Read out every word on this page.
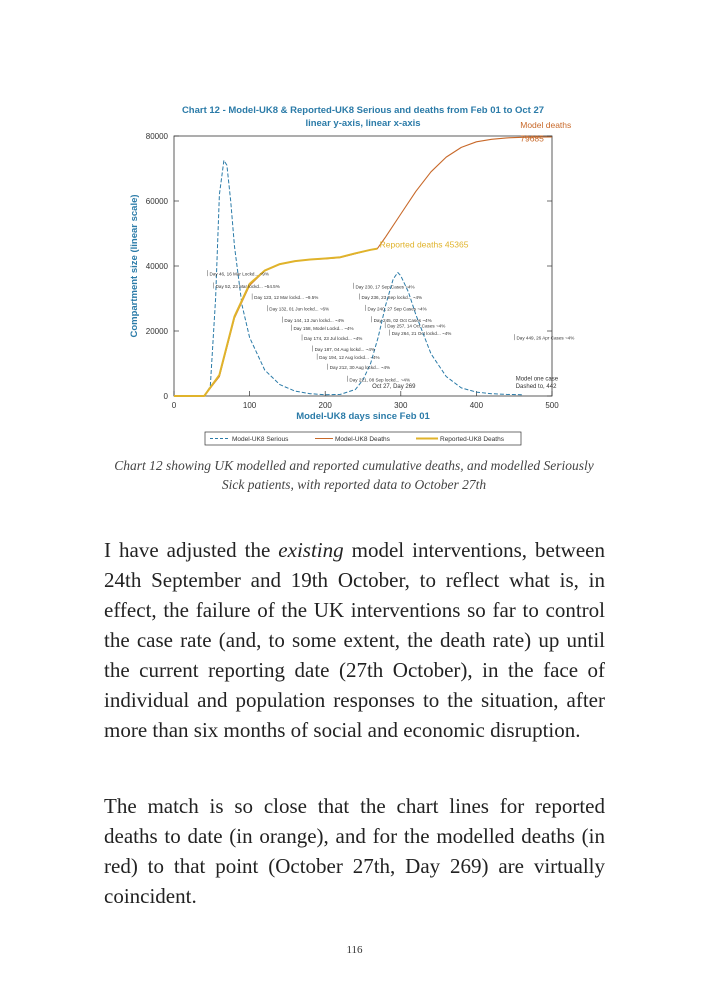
Chart 12 - Model-UK8 & Reported-UK8 Serious and deaths from Feb 01 to Oct 27
linear y-axis, linear x-axis
0
20000
40000
60000
80000
0	100	200	300	400	500
Model deaths
79685
Reported deaths 45365
Model one case
Dashed to, 442
Oct 27, Day 269
Day 46, 16 Mar Lockd... ~9%
Day 52, 23 Mar lockd... ~54.5%
Day 123, 12 Mar lockd... ~9.5%
Day 132, 01 Jun lockd... ~6%
Day 144, 13 Jun lockd... ~4%
Day 158, Model Lockd... ~4%
Day 174, 23 Jul lockd... ~4%
Day 187, 04 Aug lockd... ~4%
Day 194, 12 Aug lockd... ~4%
Day 212, 30 Aug lockd... ~4%
Day 221, 08 Sep lockd... ~4%
Day 230, 17 Sep Cases ~4%
Day 236, 23 Sep lockd... ~4%
Day 240, 27 Sep Cases ~4%
Day 245, 02 Oct Cases ~4%
Day 257, 14 Oct Cases ~4%
Day 264, 21 Oct lockd... ~4%
Day 449, 26 Apr Cases ~4%
Compartment size (linear scale)
Model-UK8 days since Feb 01
Model-UK8 Serious	Model-UK8 Deaths	Reported-UK8 Deaths
Chart 12 showing UK modelled and reported cumulative deaths, and modelled Seriously Sick patients, with reported data to October 27th

I have adjusted the existing model interventions, between 24th September and 19th October, to reflect what is, in effect, the failure of the UK interventions so far to control the case rate (and, to some extent, the death rate) up until the current reporting date (27th October), in the face of individual and population responses to the situation, after more than six months of social and economic disruption.

The match is so close that the chart lines for reported deaths to date (in orange), and for the modelled deaths (in red) to that point (October 27th, Day 269) are virtually coincident.

116
